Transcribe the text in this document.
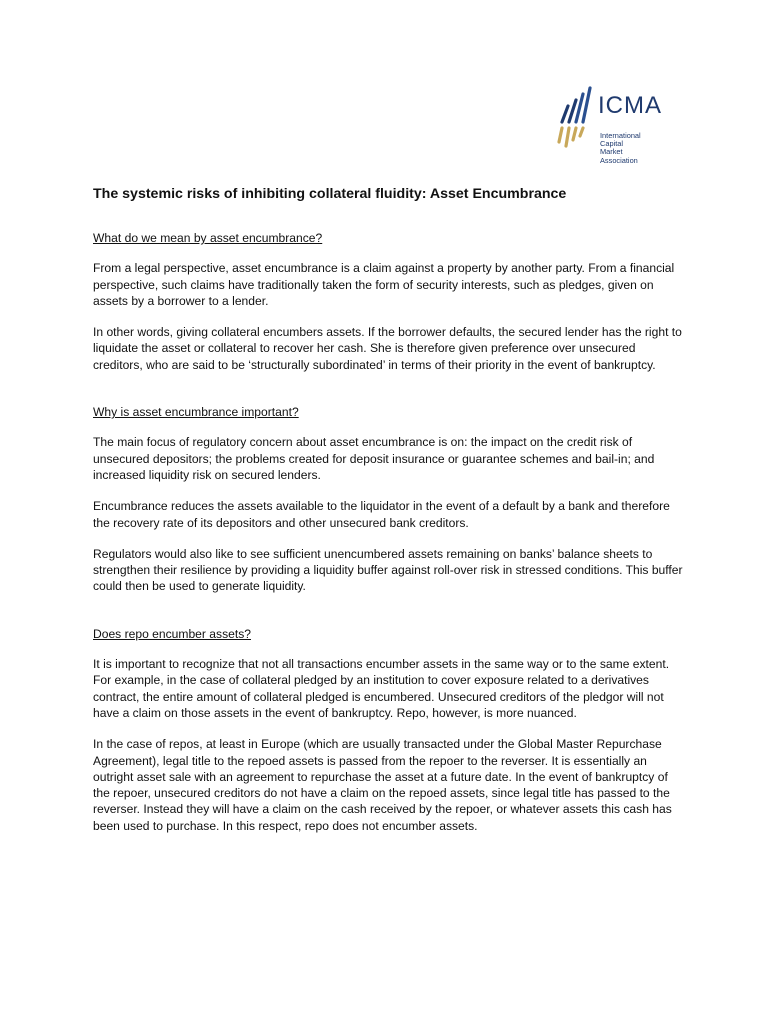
ICMA
International
Capital
Market
Association
The systemic risks of inhibiting collateral fluidity: Asset Encumbrance
What do we mean by asset encumbrance?

From a legal perspective, asset encumbrance is a claim against a property by another party. From a financial perspective, such claims have traditionally taken the form of security interests, such as pledges, given on assets by a borrower to a lender.

In other words, giving collateral encumbers assets. If the borrower defaults, the secured lender has the right to liquidate the asset or collateral to recover her cash. She is therefore given preference over unsecured creditors, who are said to be ‘structurally subordinated’ in terms of their priority in the event of bankruptcy.

Why is asset encumbrance important?

The main focus of regulatory concern about asset encumbrance is on: the impact on the credit risk of unsecured depositors; the problems created for deposit insurance or guarantee schemes and bail-in; and increased liquidity risk on secured lenders.

Encumbrance reduces the assets available to the liquidator in the event of a default by a bank and therefore the recovery rate of its depositors and other unsecured bank creditors.

Regulators would also like to see sufficient unencumbered assets remaining on banks’ balance sheets to strengthen their resilience by providing a liquidity buffer against roll-over risk in stressed conditions. This buffer could then be used to generate liquidity.

Does repo encumber assets?

It is important to recognize that not all transactions encumber assets in the same way or to the same extent. For example, in the case of collateral pledged by an institution to cover exposure related to a derivatives contract, the entire amount of collateral pledged is encumbered. Unsecured creditors of the pledgor will not have a claim on those assets in the event of bankruptcy. Repo, however, is more nuanced.

In the case of repos, at least in Europe (which are usually transacted under the Global Master Repurchase Agreement), legal title to the repoed assets is passed from the repoer to the reverser. It is essentially an outright asset sale with an agreement to repurchase the asset at a future date. In the event of bankruptcy of the repoer, unsecured creditors do not have a claim on the repoed assets, since legal title has passed to the reverser. Instead they will have a claim on the cash received by the repoer, or whatever assets this cash has been used to purchase. In this respect, repo does not encumber assets.
